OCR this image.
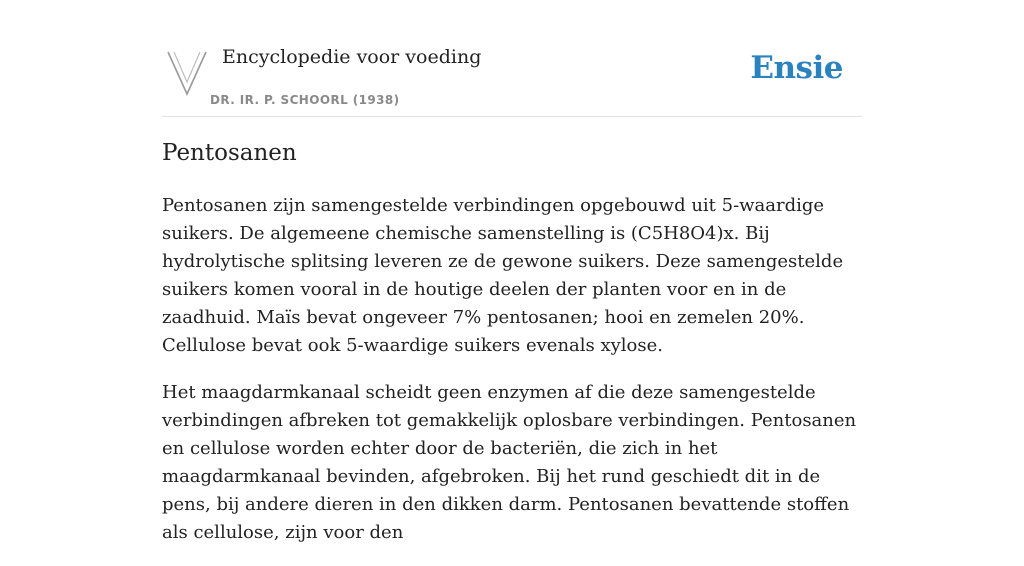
Encyclopedie voor voeding
DR. IR. P. SCHOORL (1938)
Ensie
Pentosanen

Pentosanen zijn samengestelde verbindingen opgebouwd uit 5-waardige suikers. De algemeene chemische samenstelling is (C5H8O4)x. Bij hydrolytische splitsing leveren ze de gewone suikers. Deze samengestelde suikers komen vooral in de houtige deelen der planten voor en in de zaadhuid. Maïs bevat ongeveer 7% pentosanen; hooi en zemelen 20%. Cellulose bevat ook 5-waardige suikers evenals xylose.

Het maagdarmkanaal scheidt geen enzymen af die deze samengestelde verbindingen afbreken tot gemakkelijk oplosbare verbindingen. Pentosanen en cellulose worden echter door de bacteriën, die zich in het maagdarmkanaal bevinden, afgebroken. Bij het rund geschiedt dit in de pens, bij andere dieren in den dikken darm. Pentosanen bevattende stoffen als cellulose, zijn voor den
